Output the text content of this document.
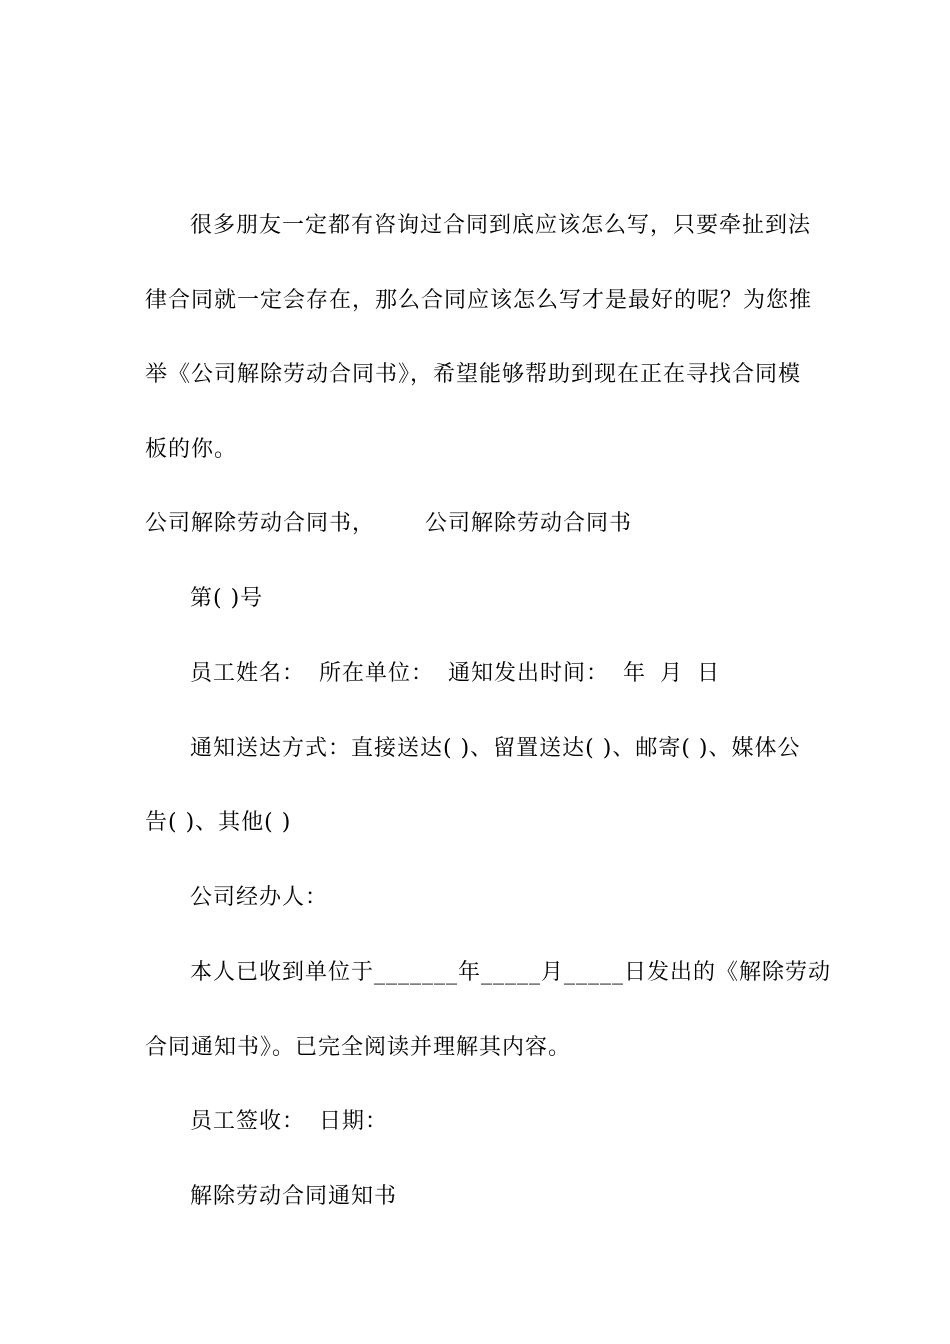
很多朋友一定都有咨询过合同到底应该怎么写，只要牵扯到法
律合同就一定会存在，那么合同应该怎么写才是最好的呢？为您推
举《公司解除劳动合同书》，希望能够帮助到现在正在寻找合同模
板的你。
公司解除劳动合同书， 公司解除劳动合同书
第( )号
员工姓名： 所在单位： 通知发出时间： 年 月 日
通知送达方式：直接送达( )、留置送达( )、邮寄( )、媒体公
告( )、其他( )
公司经办人：
本人已收到单位于_______年_____月_____日发出的《解除劳动
合同通知书》。已完全阅读并理解其内容。
员工签收： 日期：
解除劳动合同通知书
